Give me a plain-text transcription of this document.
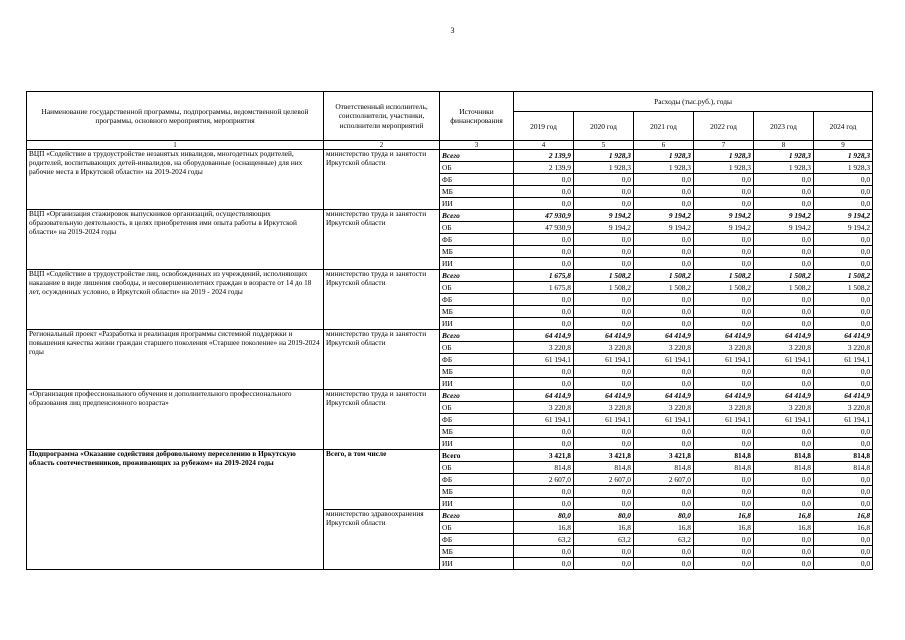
3
Наименование государственной программы, подпрограммы, ведомственной целевой программы, основного мероприятия, мероприятия	Ответственный исполнитель, соисполнители, участники, исполнители мероприятий	Источники финансирования	Расходы (тыс.руб.), годы					
			2019 год	2020 год	2021 год	2022 год	2023 год	2024 год
1	2	3	4	5	6	7	8	9
ВЦП «Содействие в трудоустройстве незанятых инвалидов, многодетных родителей, родителей, воспитывающих детей-инвалидов, на оборудованные (оснащенные) для них рабочие места в Иркутской области» на 2019-2024 годы	министерство труда и занятости Иркутской области	Всего	2 139,9	1 928,3	1 928,3	1 928,3	1 928,3	1 928,3
		ОБ	2 139,9	1 928,3	1 928,3	1 928,3	1 928,3	1 928,3
		ФБ	0,0	0,0	0,0	0,0	0,0	0,0
		МБ	0,0	0,0	0,0	0,0	0,0	0,0
		ИИ	0,0	0,0	0,0	0,0	0,0	0,0
ВЦП «Организация стажировок выпускников организаций, осуществляющих образовательную деятельность, в целях приобретения ими опыта работы в Иркутской области» на 2019-2024 годы	министерство труда и занятости Иркутской области	Всего	47 930,9	9 194,2	9 194,2	9 194,2	9 194,2	9 194,2
		ОБ	47 930,9	9 194,2	9 194,2	9 194,2	9 194,2	9 194,2
		ФБ	0,0	0,0	0,0	0,0	0,0	0,0
		МБ	0,0	0,0	0,0	0,0	0,0	0,0
		ИИ	0,0	0,0	0,0	0,0	0,0	0,0
ВЦП «Содействие в трудоустройстве лиц, освобожденных из учреждений, исполняющих наказание в виде лишения свободы, и несовершеннолетних граждан в возрасте от 14 до 18 лет, осужденных условно, в Иркутской области» на 2019 - 2024 годы	министерство труда и занятости Иркутской области	Всего	1 675,8	1 508,2	1 508,2	1 508,2	1 508,2	1 508,2
		ОБ	1 675,8	1 508,2	1 508,2	1 508,2	1 508,2	1 508,2
		ФБ	0,0	0,0	0,0	0,0	0,0	0,0
		МБ	0,0	0,0	0,0	0,0	0,0	0,0
		ИИ	0,0	0,0	0,0	0,0	0,0	0,0
Региональный проект «Разработка и реализация программы системной поддержки и повышения качества жизни граждан старшего поколения «Старшее поколение» на 2019-2024 годы	министерство труда и занятости Иркутской области	Всего	64 414,9	64 414,9	64 414,9	64 414,9	64 414,9	64 414,9
		ОБ	3 220,8	3 220,8	3 220,8	3 220,8	3 220,8	3 220,8
		ФБ	61 194,1	61 194,1	61 194,1	61 194,1	61 194,1	61 194,1
		МБ	0,0	0,0	0,0	0,0	0,0	0,0
		ИИ	0,0	0,0	0,0	0,0	0,0	0,0
«Организация профессионального обучения и дополнительного профессионального образования лиц предпенсионного возраста»	министерство труда и занятости Иркутской области	Всего	64 414,9	64 414,9	64 414,9	64 414,9	64 414,9	64 414,9
		ОБ	3 220,8	3 220,8	3 220,8	3 220,8	3 220,8	3 220,8
		ФБ	61 194,1	61 194,1	61 194,1	61 194,1	61 194,1	61 194,1
		МБ	0,0	0,0	0,0	0,0	0,0	0,0
		ИИ	0,0	0,0	0,0	0,0	0,0	0,0
Подпрограмма «Оказание содействия добровольному переселению в Иркутскую область соотечественников, проживающих за рубежом» на 2019-2024 годы	Всего, в том числе	Всего	3 421,8	3 421,8	3 421,8	814,8	814,8	814,8
		ОБ	814,8	814,8	814,8	814,8	814,8	814,8
		ФБ	2 607,0	2 607,0	2 607,0	0,0	0,0	0,0
		МБ	0,0	0,0	0,0	0,0	0,0	0,0
		ИИ	0,0	0,0	0,0	0,0	0,0	0,0
	министерство здравоохранения Иркутской области	Всего	80,0	80,0	80,0	16,8	16,8	16,8
		ОБ	16,8	16,8	16,8	16,8	16,8	16,8
		ФБ	63,2	63,2	63,2	0,0	0,0	0,0
		МБ	0,0	0,0	0,0	0,0	0,0	0,0
		ИИ	0,0	0,0	0,0	0,0	0,0	0,0
